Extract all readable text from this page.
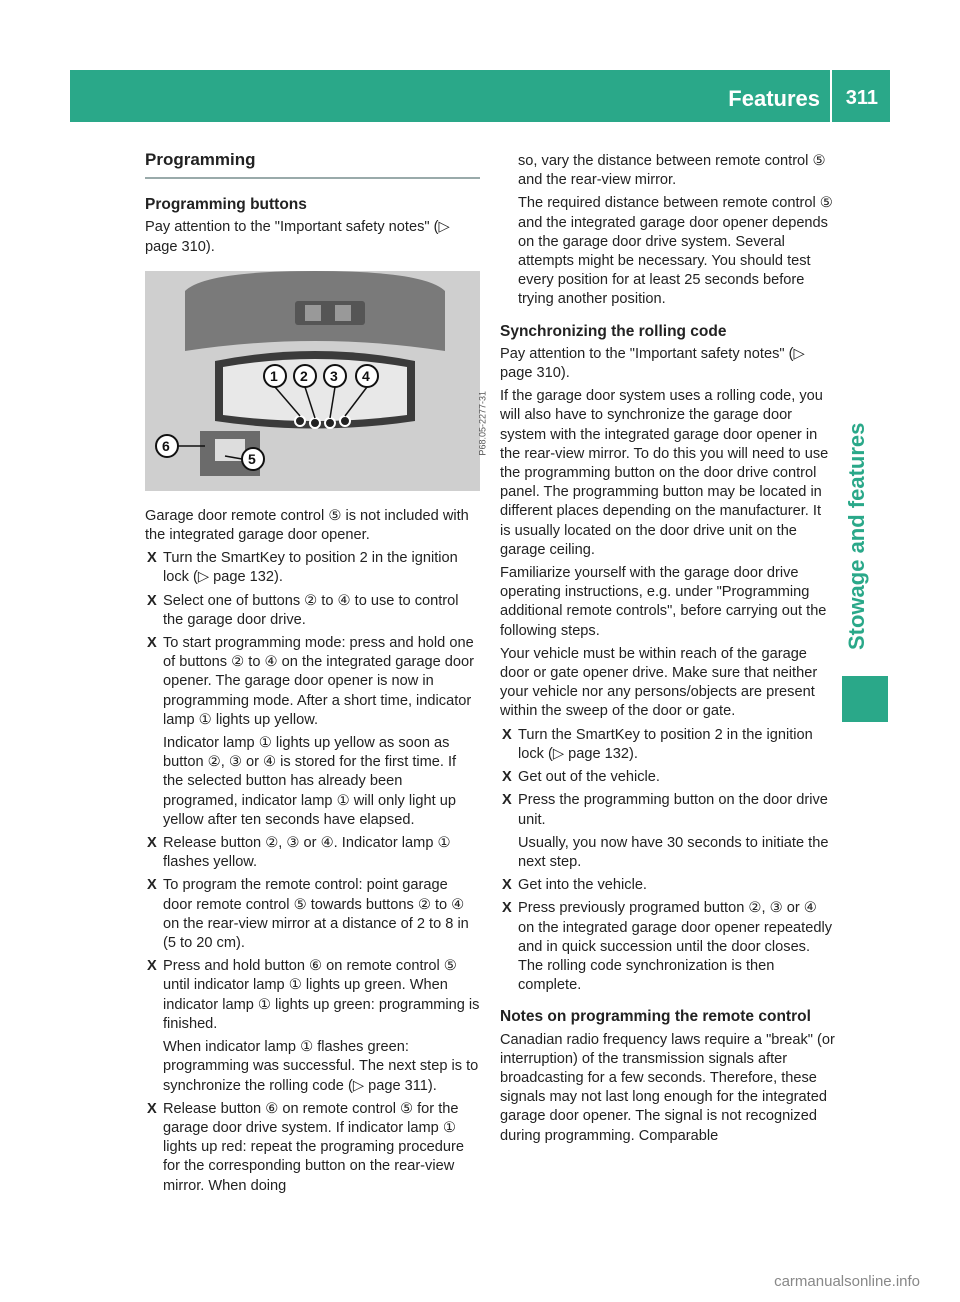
Features 311
Stowage and features
Programming
Programming buttons

Pay attention to the "Important safety notes" (▷ page 310).

1 2 3 4
6
5
P68.05-2277-31

Garage door remote control ⑤ is not included with the integrated garage door opener.

X Turn the SmartKey to position 2 in the ignition lock (▷ page 132).
X Select one of buttons ② to ④ to use to control the garage door drive.
X To start programming mode: press and hold one of buttons ② to ④ on the integrated garage door opener. The garage door opener is now in programming mode. After a short time, indicator lamp ① lights up yellow.

Indicator lamp ① lights up yellow as soon as button ②, ③ or ④ is stored for the first time. If the selected button has already been programed, indicator lamp ① will only light up yellow after ten seconds have elapsed.

X Release button ②, ③ or ④. Indicator lamp ① flashes yellow.
X To program the remote control: point garage door remote control ⑤ towards buttons ② to ④ on the rear-view mirror at a distance of 2 to 8 in (5 to 20 cm).
X Press and hold button ⑥ on remote control ⑤ until indicator lamp ① lights up green. When indicator lamp ① lights up green: programming is finished.

When indicator lamp ① flashes green: programming was successful. The next step is to synchronize the rolling code (▷ page 311).

X Release button ⑥ on remote control ⑤ for the garage door drive system. If indicator lamp ① lights up red: repeat the programing procedure for the corresponding button on the rear-view mirror. When doing

so, vary the distance between remote control ⑤ and the rear-view mirror.

The required distance between remote control ⑤ and the integrated garage door opener depends on the garage door drive system. Several attempts might be necessary. You should test every position for at least 25 seconds before trying another position.

Synchronizing the rolling code

Pay attention to the "Important safety notes" (▷ page 310).

If the garage door system uses a rolling code, you will also have to synchronize the garage door system with the integrated garage door opener in the rear-view mirror. To do this you will need to use the programming button on the door drive control panel. The programming button may be located in different places depending on the manufacturer. It is usually located on the door drive unit on the garage ceiling.

Familiarize yourself with the garage door drive operating instructions, e.g. under "Programming additional remote controls", before carrying out the following steps.

Your vehicle must be within reach of the garage door or gate opener drive. Make sure that neither your vehicle nor any persons/objects are present within the sweep of the door or gate.

X Turn the SmartKey to position 2 in the ignition lock (▷ page 132).
X Get out of the vehicle.
X Press the programming button on the door drive unit.

Usually, you now have 30 seconds to initiate the next step.

X Get into the vehicle.
X Press previously programed button ②, ③ or ④ on the integrated garage door opener repeatedly and in quick succession until the door closes. The rolling code synchronization is then complete.
Notes on programming the remote control

Canadian radio frequency laws require a "break" (or interruption) of the transmission signals after broadcasting for a few seconds. Therefore, these signals may not last long enough for the integrated garage door opener. The signal is not recognized during programming. Comparable

carmanualsonline.info
